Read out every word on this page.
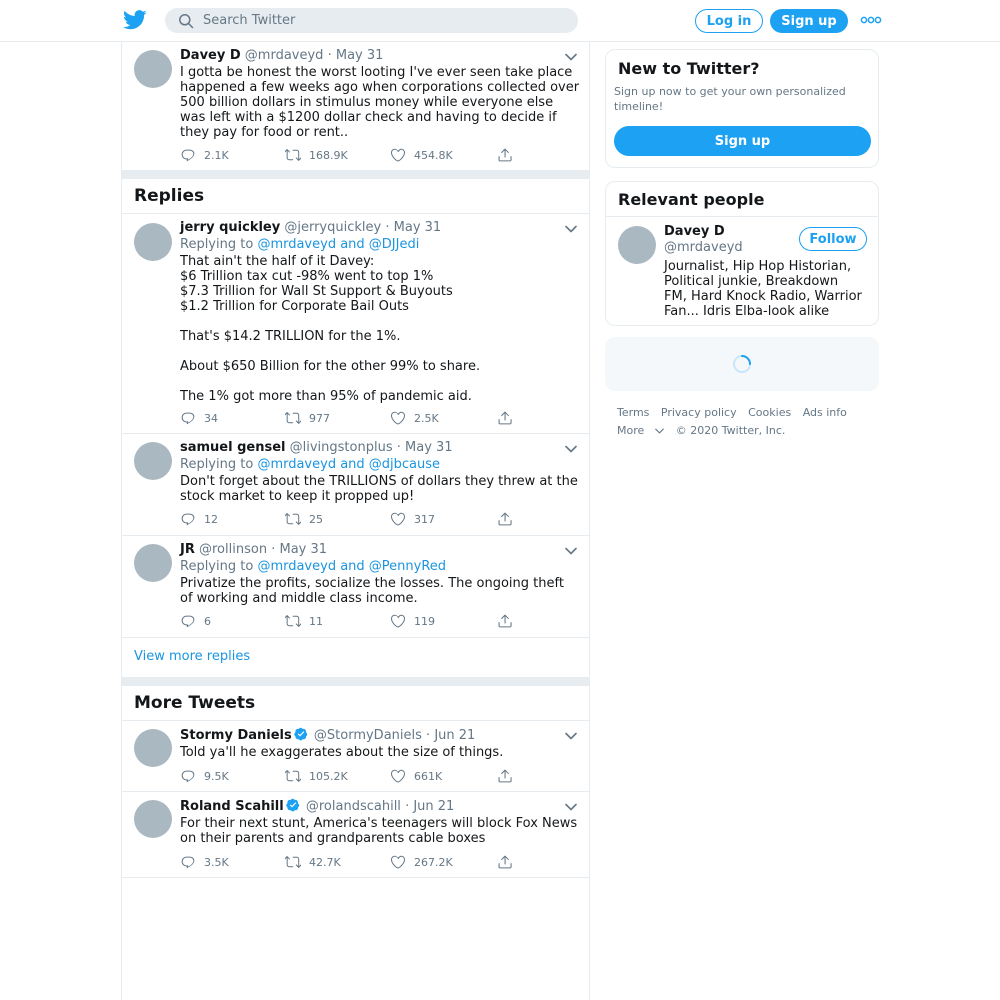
Search Twitter
Log in	Sign up
Davey D @mrdaveyd · May 31
I gotta be honest the worst looting I've ever seen take place happened a few weeks ago when corporations collected over 500 billion dollars in stimulus money while everyone else was left with a $1200 dollar check and having to decide if they pay for food or rent..
2.1K	168.9K	454.8K
Replies
jerry quickley @jerryquickley · May 31
Replying to @mrdaveyd and @DJJedi
That ain't the half of it Davey:
$6 Trillion tax cut -98% went to top 1%
$7.3 Trillion for Wall St Support & Buyouts
$1.2 Trillion for Corporate Bail Outs

That's $14.2 TRILLION for the 1%.

About $650 Billion for the other 99% to share.

The 1% got more than 95% of pandemic aid.
34	977	2.5K
samuel gensel @livingstonplus · May 31
Replying to @mrdaveyd and @djbcause
Don't forget about the TRILLIONS of dollars they threw at the stock market to keep it propped up!
12	25	317
JR @rollinson · May 31
Replying to @mrdaveyd and @PennyRed
Privatize the profits, socialize the losses. The ongoing theft of working and middle class income.
6	11	119
View more replies
More Tweets
Stormy Daniels @StormyDaniels · Jun 21
Told ya'll he exaggerates about the size of things.
9.5K	105.2K	661K
Roland Scahill @rolandscahill · Jun 21
For their next stunt, America's teenagers will block Fox News on their parents and grandparents cable boxes
3.5K	42.7K	267.2K
New to Twitter?
Sign up now to get your own personalized timeline!
Sign up
Relevant people
Davey D
@mrdaveyd
Follow
Journalist, Hip Hop Historian, Political junkie, Breakdown FM, Hard Knock Radio, Warrior Fan... Idris Elba-look alike
Terms Privacy policy Cookies Ads info
More	© 2020 Twitter, Inc.
